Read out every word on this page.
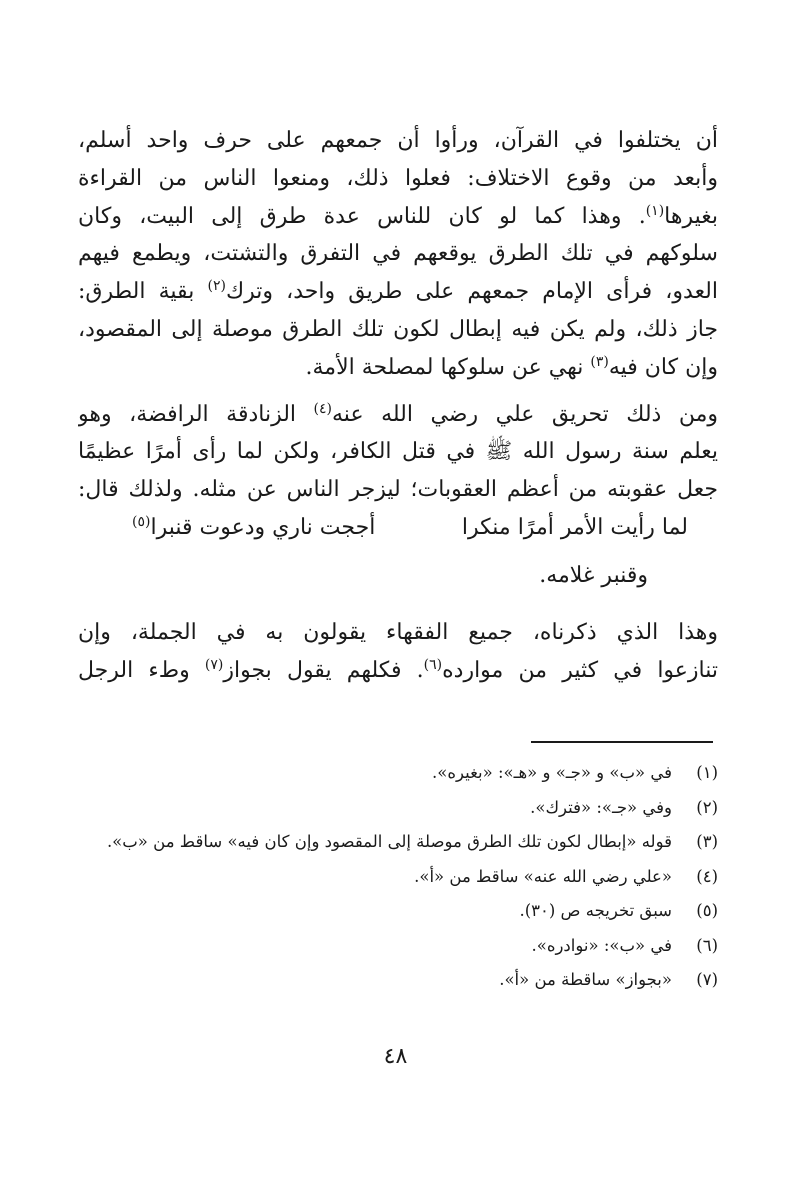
أن يختلفوا في القرآن، ورأوا أن جمعهم على حرف واحد أسلم،
وأبعد من وقوع الاختلاف: فعلوا ذلك، ومنعوا الناس من القراءة
بغيرها$^{(١)}$. وهذا كما لو كان للناس عدة طرق إلى البيت، وكان
سلوكهم في تلك الطرق يوقعهم في التفرق والتشتت، ويطمع فيهم
العدو، فرأى الإمام جمعهم على طريق واحد، وترك$^{(٢)}$ بقية الطرق:
جاز ذلك، ولم يكن فيه إبطال لكون تلك الطرق موصلة إلى المقصود،
وإن كان فيه$^{(٣)}$ نهي عن سلوكها لمصلحة الأمة.
ومن ذلك تحريق علي رضي الله عنه$^{(٤)}$ الزنادقة الرافضة، وهو
يعلم سنة رسول الله ﷺ في قتل الكافر، ولكن لما رأى أمرًا عظيمًا
جعل عقوبته من أعظم العقوبات؛ ليزجر الناس عن مثله. ولذلك قال:
لما رأيت الأمر أمرًا منكرا
أججت ناري ودعوت قنبرا$^{(٥)}$
وقنبر غلامه.
وهذا الذي ذكرناه، جميع الفقهاء يقولون به في الجملة، وإن
تنازعوا في كثير من موارده$^{(٦)}$. فكلهم يقول بجواز$^{(٧)}$ وطء الرجل
(١)
في «ب» و «جـ» و «هـ»: «بغيره».
(٢)
وفي «جـ»: «فترك».
(٣)
قوله «إبطال لكون تلك الطرق موصلة إلى المقصود وإن كان فيه» ساقط من «ب».
(٤)
«علي رضي الله عنه» ساقط من «أ».
(٥)
سبق تخريجه ص (٣٠).
(٦)
في «ب»: «نوادره».
(٧)
«بجواز» ساقطة من «أ».
٤٨
